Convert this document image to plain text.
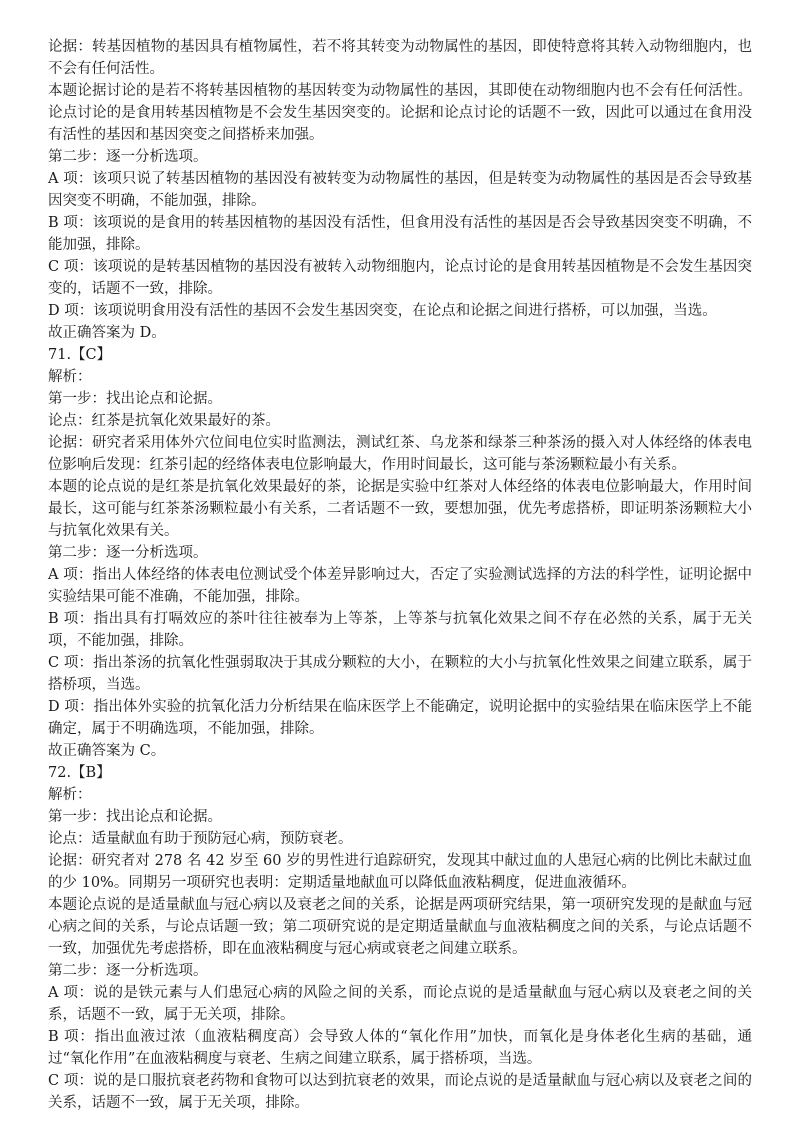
论据：转基因植物的基因具有植物属性，若不将其转变为动物属性的基因，即使特意将其转入动物细胞内，也不会有任何活性。

本题论据讨论的是若不将转基因植物的基因转变为动物属性的基因，其即使在动物细胞内也不会有任何活性。论点讨论的是食用转基因植物是不会发生基因突变的。论据和论点讨论的话题不一致，因此可以通过在食用没有活性的基因和基因突变之间搭桥来加强。

第二步：逐一分析选项。

A 项：该项只说了转基因植物的基因没有被转变为动物属性的基因，但是转变为动物属性的基因是否会导致基因突变不明确，不能加强，排除。

B 项：该项说的是食用的转基因植物的基因没有活性，但食用没有活性的基因是否会导致基因突变不明确，不能加强，排除。

C 项：该项说的是转基因植物的基因没有被转入动物细胞内，论点讨论的是食用转基因植物是不会发生基因突变的，话题不一致，排除。

D 项：该项说明食用没有活性的基因不会发生基因突变，在论点和论据之间进行搭桥，可以加强，当选。

故正确答案为 D。

71.【C】

解析：

第一步：找出论点和论据。

论点：红茶是抗氧化效果最好的茶。

论据：研究者采用体外穴位间电位实时监测法，测试红茶、乌龙茶和绿茶三种茶汤的摄入对人体经络的体表电位影响后发现：红茶引起的经络体表电位影响最大，作用时间最长，这可能与茶汤颗粒最小有关系。

本题的论点说的是红茶是抗氧化效果最好的茶，论据是实验中红茶对人体经络的体表电位影响最大，作用时间最长，这可能与红茶茶汤颗粒最小有关系，二者话题不一致，要想加强，优先考虑搭桥，即证明茶汤颗粒大小与抗氧化效果有关。

第二步：逐一分析选项。

A 项：指出人体经络的体表电位测试受个体差异影响过大，否定了实验测试选择的方法的科学性，证明论据中实验结果可能不准确，不能加强，排除。

B 项：指出具有打嗝效应的茶叶往往被奉为上等茶，上等茶与抗氧化效果之间不存在必然的关系，属于无关项，不能加强，排除。

C 项：指出茶汤的抗氧化性强弱取决于其成分颗粒的大小，在颗粒的大小与抗氧化性效果之间建立联系，属于搭桥项，当选。

D 项：指出体外实验的抗氧化活力分析结果在临床医学上不能确定，说明论据中的实验结果在临床医学上不能确定，属于不明确选项，不能加强，排除。

故正确答案为 C。

72.【B】

解析：

第一步：找出论点和论据。

论点：适量献血有助于预防冠心病，预防衰老。

论据：研究者对 278 名 42 岁至 60 岁的男性进行追踪研究，发现其中献过血的人患冠心病的比例比未献过血的少 10%。同期另一项研究也表明：定期适量地献血可以降低血液粘稠度，促进血液循环。

本题论点说的是适量献血与冠心病以及衰老之间的关系，论据是两项研究结果，第一项研究发现的是献血与冠心病之间的关系，与论点话题一致；第二项研究说的是定期适量献血与血液粘稠度之间的关系，与论点话题不一致，加强优先考虑搭桥，即在血液粘稠度与冠心病或衰老之间建立联系。

第二步：逐一分析选项。

A 项：说的是铁元素与人们患冠心病的风险之间的关系，而论点说的是适量献血与冠心病以及衰老之间的关系，话题不一致，属于无关项，排除。

B 项：指出血液过浓（血液粘稠度高）会导致人体的“氧化作用”加快，而氧化是身体老化生病的基础，通过“氧化作用”在血液粘稠度与衰老、生病之间建立联系，属于搭桥项，当选。

C 项：说的是口服抗衰老药物和食物可以达到抗衰老的效果，而论点说的是适量献血与冠心病以及衰老之间的关系，话题不一致，属于无关项，排除。
